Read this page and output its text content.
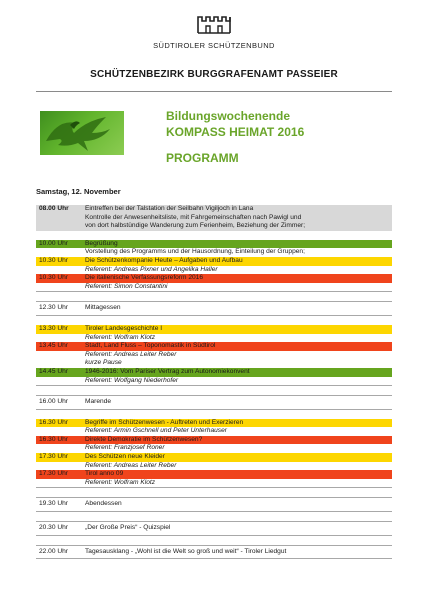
SÜDTIROLER SCHÜTZENBUND
SCHÜTZENBEZIRK BURGGRAFENAMT PASSEIER
Bildungswochenende
KOMPASS HEIMAT 2016
PROGRAMM
Samstag, 12. November
08.00 Uhr	Eintreffen bei der Talstation der Seilbahn Vigiljoch in Lana
Kontrolle der Anwesenheitsliste, mit Fahrgemeinschaften nach Pawigl und
von dort halbstündige Wanderung zum Ferienheim, Beziehung der Zimmer;
10.00 Uhr	Begrüßung
Vorstellung des Programms und der Hausordnung, Einteilung der Gruppen;
10.30 Uhr	Die Schützenkompanie Heute – Aufgaben und Aufbau
Referent: Andreas Pixner und Angelika Haller
10.30 Uhr	Die italienische Verfassungsreform 2016
Referent: Simon Constantini
12.30 Uhr	Mittagessen
13.30 Uhr	Tiroler Landesgeschichte I
Referent: Wolfram Klotz
13.45 Uhr	Stadt, Land Fluss – Toponomastik in Südtirol
Referent: Andreas Leiter Reber
kurze Pause
14.45 Uhr	1946-2016: Vom Pariser Vertrag zum Autonomiekonvent
Referent: Wolfgang Niederhofer
16.00 Uhr	Marende
16.30 Uhr	Begriffe im Schützenwesen - Auftreten und Exerzieren
Referent: Armin Gschnell und Peter Unterhauser
16.30 Uhr	Direkte Demokratie im Schützenwesen?
Referent: Franzjosef Roner
17.30 Uhr	Des Schützen neue Kleider
Referent: Andreas Leiter Reber
17.30 Uhr	Tirol anno 09
Referent: Wolfram Klotz
19.30 Uhr	Abendessen
20.30 Uhr	„Der Große Preis“ - Quizspiel
22.00 Uhr	Tagesausklang - „Wohl ist die Welt so groß und weit“ - Tiroler Liedgut
